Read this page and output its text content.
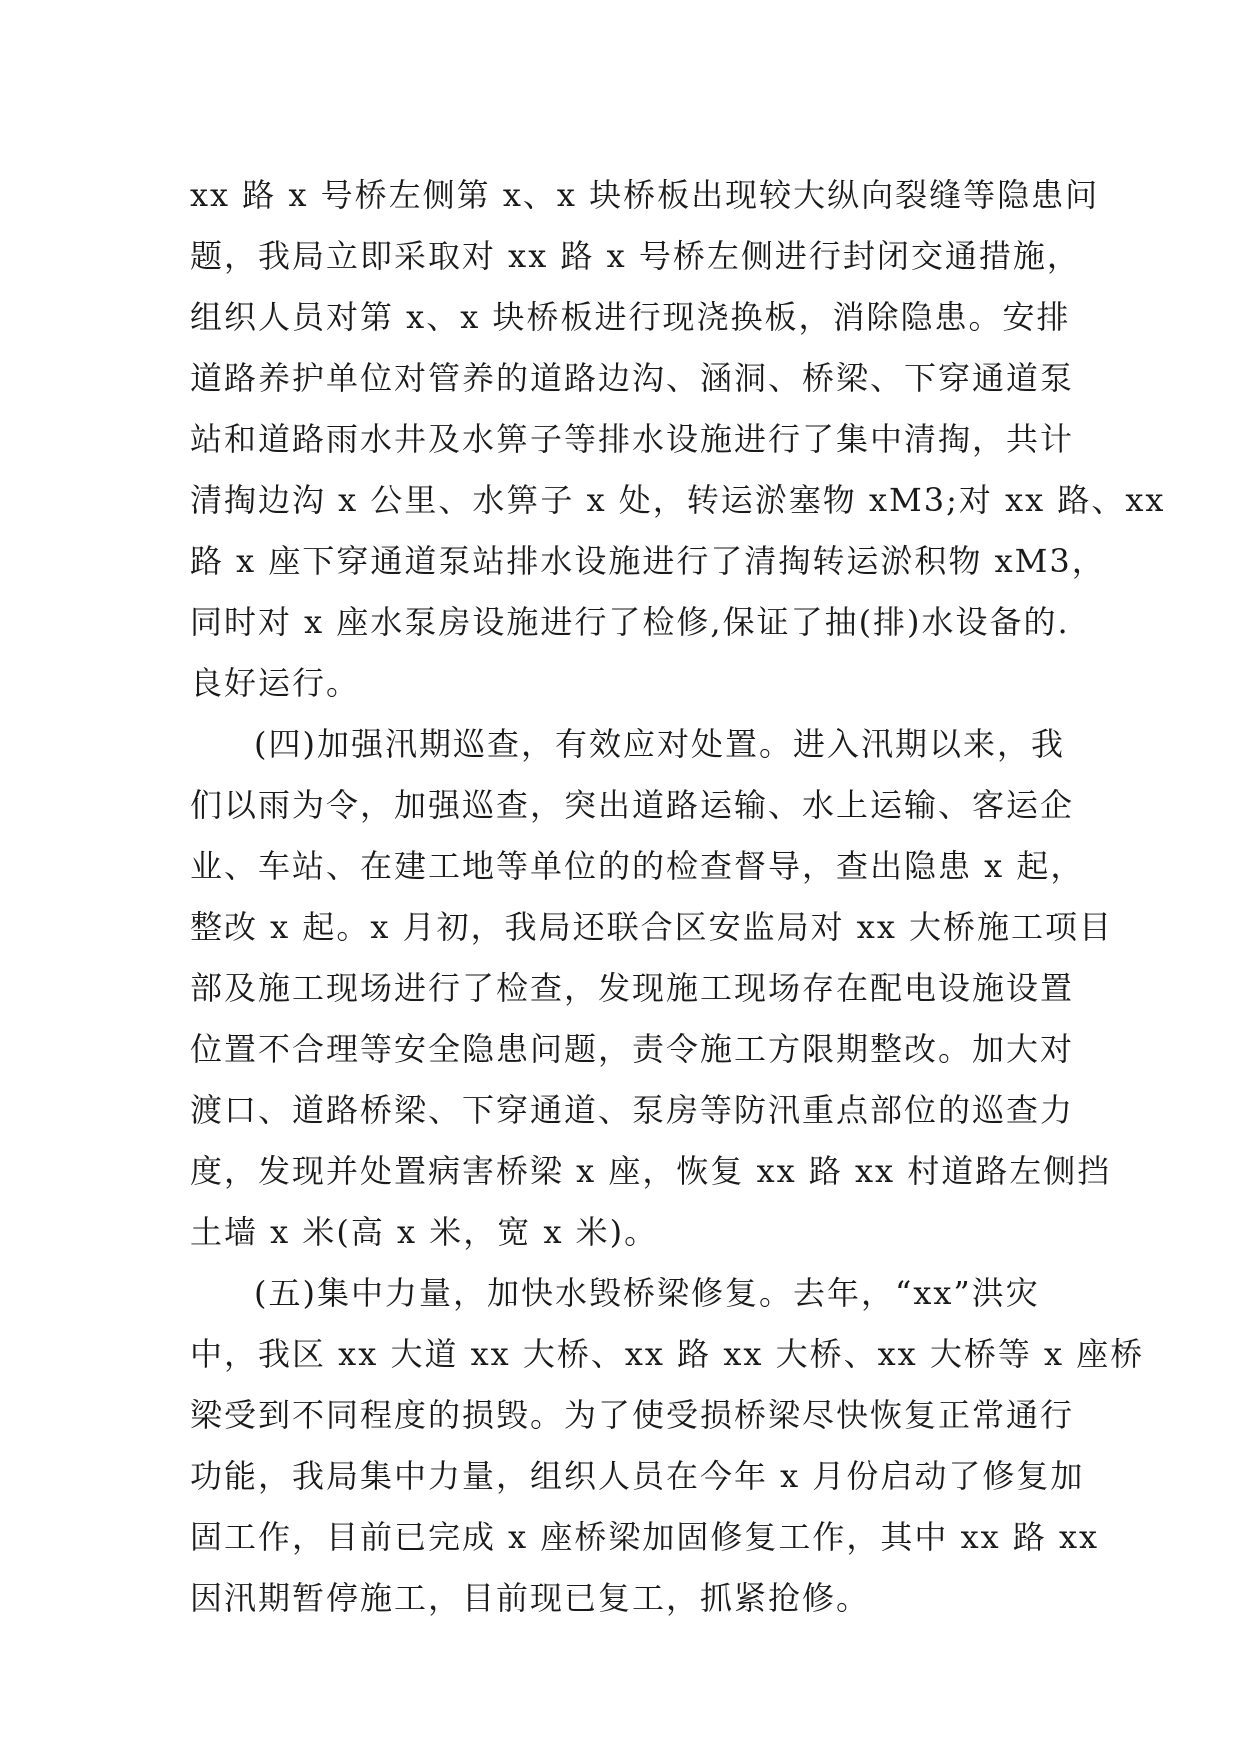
xx 路 x 号桥左侧第 x、x 块桥板出现较大纵向裂缝等隐患问
题，我局立即采取对 xx 路 x 号桥左侧进行封闭交通措施，
组织人员对第 x、x 块桥板进行现浇换板，消除隐患。安排
道路养护单位对管养的道路边沟、涵洞、桥梁、下穿通道泵
站和道路雨水井及水箅子等排水设施进行了集中清掏，共计
清掏边沟 x 公里、水箅子 x 处，转运淤塞物 xM3;对 xx 路、xx
路 x 座下穿通道泵站排水设施进行了清掏转运淤积物 xM3，
同时对 x 座水泵房设施进行了检修,保证了抽(排)水设备的.
良好运行。
(四)加强汛期巡查，有效应对处置。进入汛期以来，我
们以雨为令，加强巡查，突出道路运输、水上运输、客运企
业、车站、在建工地等单位的的检查督导，查出隐患 x 起，
整改 x 起。x 月初，我局还联合区安监局对 xx 大桥施工项目
部及施工现场进行了检查，发现施工现场存在配电设施设置
位置不合理等安全隐患问题，责令施工方限期整改。加大对
渡口、道路桥梁、下穿通道、泵房等防汛重点部位的巡查力
度，发现并处置病害桥梁 x 座，恢复 xx 路 xx 村道路左侧挡
土墙 x 米(高 x 米，宽 x 米)。
(五)集中力量，加快水毁桥梁修复。去年，“xx”洪灾
中，我区 xx 大道 xx 大桥、xx 路 xx 大桥、xx 大桥等 x 座桥
梁受到不同程度的损毁。为了使受损桥梁尽快恢复正常通行
功能，我局集中力量，组织人员在今年 x 月份启动了修复加
固工作，目前已完成 x 座桥梁加固修复工作，其中 xx 路 xx
因汛期暂停施工，目前现已复工，抓紧抢修。
